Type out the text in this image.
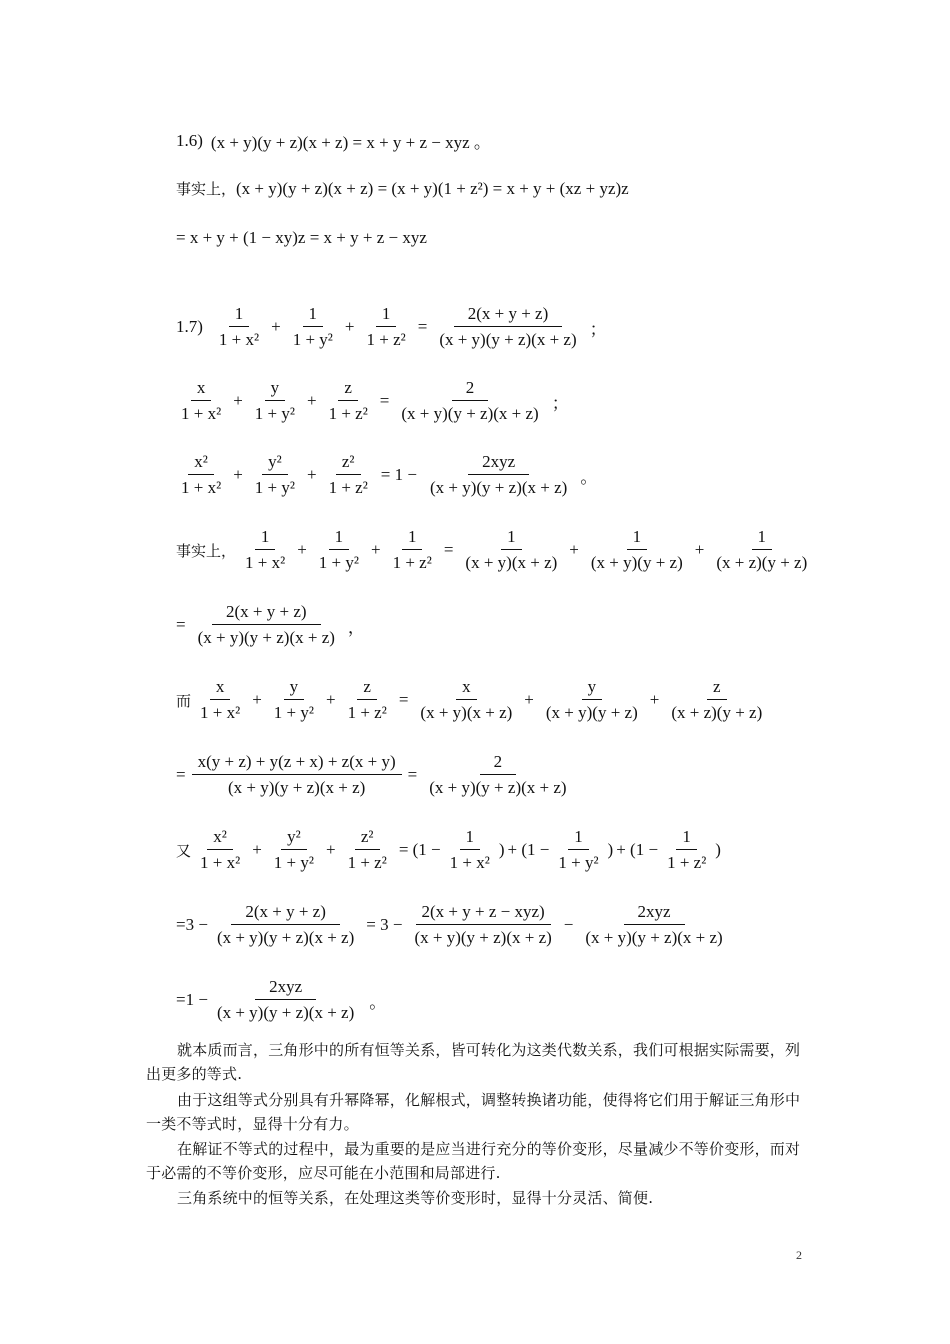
1.6) (x + y)(y + z)(x + z) = x + y + z − xyz 。
事实上， (x + y)(y + z)(x + z) = (x + y)(1 + z²) = x + y + (xz + yz)z
= x + y + (1 − xy)z = x + y + z − xyz
$1.7) \frac{1}{\text{1 + x²}} + \frac{1}{\text{1 + y²}} + \frac{1}{\text{1 + z²}} = \frac{2(x + y + z)}{(x + y)(y + z)(x + z)}$ ；
$\frac{x}{\text{1 + x²}} + \frac{y}{\text{1 + y²}} + \frac{z}{\text{1 + z²}} = \frac{2}{(x + y)(y + z)(x + z)}$ ；
$\frac{\text{x²}}{\text{1 + x²}} + \frac{\text{y²}}{\text{1 + y²}} + \frac{\text{z²}}{\text{1 + z²}} = 1 - \frac{\text{2xyz}}{(x + y)(y + z)(x + z)}$ 。
事实上， $\frac{1}{\text{1 + x²}} + \frac{1}{\text{1 + y²}} + \frac{1}{\text{1 + z²}} = \frac{1}{(x + y)(x + z)} + \frac{1}{(x + y)(y + z)} + \frac{1}{(x + z)(y + z)}$
= $\frac{2(x + y + z)}{(x + y)(y + z)(x + z)}$ ，
而 $\frac{x}{\text{1 + x²}} + \frac{y}{\text{1 + y²}} + \frac{z}{\text{1 + z²}} = \frac{x}{(x + y)(x + z)} + \frac{y}{(x + y)(y + z)} + \frac{z}{(x + z)(y + z)}$
= $\frac{x(y + z) + y(z + x) + z(x + y)}{(x + y)(y + z)(x + z)} = \frac{2}{(x + y)(y + z)(x + z)}$
又 $\frac{\text{x²}}{\text{1 + x²}} + \frac{\text{y²}}{\text{1 + y²}} + \frac{\text{z²}}{\text{1 + z²}} = (1 - \frac{1}{\text{1 + x²}}$ ) + ($1 - \frac{1}{\text{1 + y²}}$ ) + ($1 - \frac{1}{\text{1 + z²}}$ )
$=3 - \frac{2(x + y + z)}{(x + y)(y + z)(x + z)} = 3 - \frac{\text{2(x + y + z − xyz)}}{(x + y)(y + z)(x + z)} - \frac{\text{2xyz}}{(x + y)(y + z)(x + z)}$
$=1 - \frac{\text{2xyz}}{(x + y)(y + z)(x + z)}$ 。
就本质而言，三角形中的所有恒等关系，皆可转化为这类代数关系，我们可根据实际需要，列出更多的等式.
由于这组等式分别具有升幂降幂，化解根式，调整转换诸功能，使得将它们用于解证三角形中一类不等式时，显得十分有力。
在解证不等式的过程中，最为重要的是应当进行充分的等价变形，尽量减少不等价变形，而对于必需的不等价变形，应尽可能在小范围和局部进行.
三角系统中的恒等关系，在处理这类等价变形时，显得十分灵活、简便.
2
